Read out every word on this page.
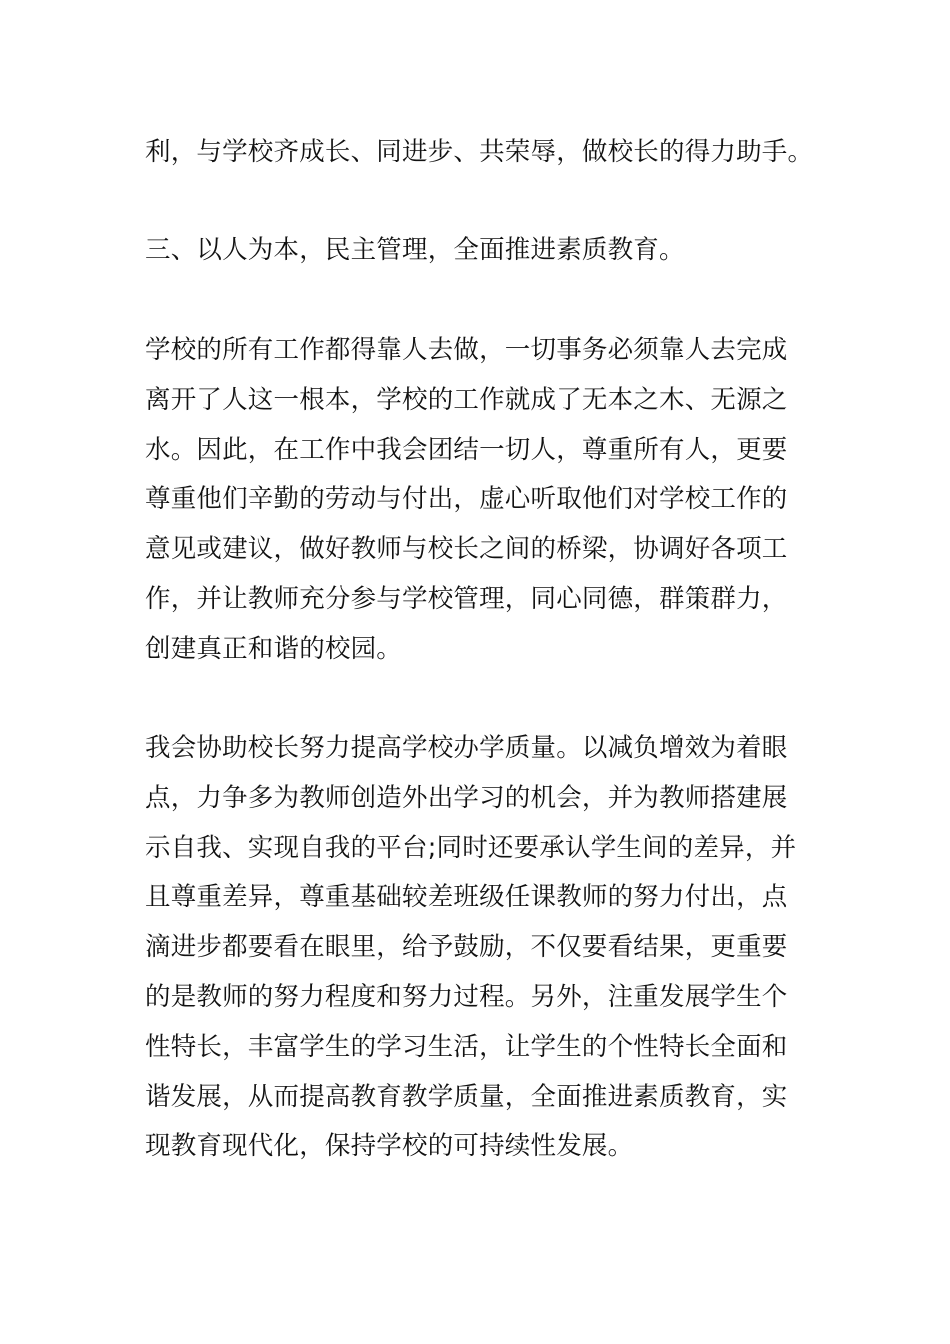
利，与学校齐成长、同进步、共荣辱，做校长的得力助手。

三、以人为本，民主管理，全面推进素质教育。

学校的所有工作都得靠人去做，一切事务必须靠人去完成
离开了人这一根本，学校的工作就成了无本之木、无源之
水。因此，在工作中我会团结一切人，尊重所有人，更要
尊重他们辛勤的劳动与付出，虚心听取他们对学校工作的
意见或建议，做好教师与校长之间的桥梁，协调好各项工
作，并让教师充分参与学校管理，同心同德，群策群力，
创建真正和谐的校园。

我会协助校长努力提高学校办学质量。以减负增效为着眼
点，力争多为教师创造外出学习的机会，并为教师搭建展
示自我、实现自我的平台;同时还要承认学生间的差异，并
且尊重差异，尊重基础较差班级任课教师的努力付出，点
滴进步都要看在眼里，给予鼓励，不仅要看结果，更重要
的是教师的努力程度和努力过程。另外，注重发展学生个
性特长，丰富学生的学习生活，让学生的个性特长全面和
谐发展，从而提高教育教学质量，全面推进素质教育，实
现教育现代化，保持学校的可持续性发展。
